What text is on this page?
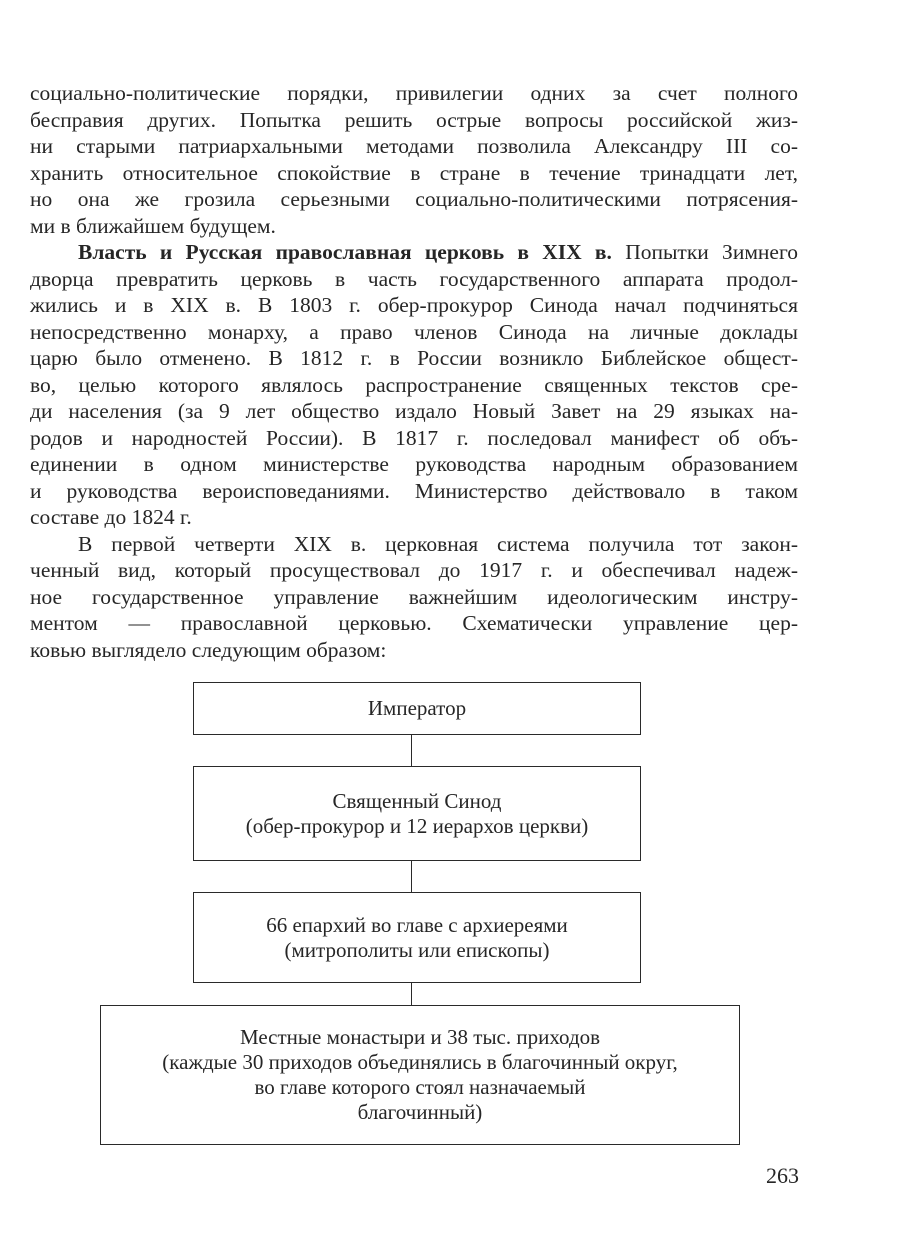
социально-политические порядки, привилегии одних за счет полного
бесправия других. Попытка решить острые вопросы российской жиз-
ни старыми патриархальными методами позволила Александру III со-
хранить относительное спокойствие в стране в течение тринадцати лет,
но она же грозила серьезными социально-политическими потрясения-
ми в ближайшем будущем.
Власть и Русская православная церковь в XIX в. Попытки Зимнего
дворца превратить церковь в часть государственного аппарата продол-
жились и в XIX в. В 1803 г. обер-прокурор Синода начал подчиняться
непосредственно монарху, а право членов Синода на личные доклады
царю было отменено. В 1812 г. в России возникло Библейское общест-
во, целью которого являлось распространение священных текстов сре-
ди населения (за 9 лет общество издало Новый Завет на 29 языках на-
родов и народностей России). В 1817 г. последовал манифест об объ-
единении в одном министерстве руководства народным образованием
и руководства вероисповеданиями. Министерство действовало в таком
составе до 1824 г.
В первой четверти XIX в. церковная система получила тот закон-
ченный вид, который просуществовал до 1917 г. и обеспечивал надеж-
ное государственное управление важнейшим идеологическим инстру-
ментом — православной церковью. Схематически управление цер-
ковью выглядело следующим образом:
Император
Священный Синод
(обер-прокурор и 12 иерархов церкви)
66 епархий во главе с архиереями
(митрополиты или епископы)
Местные монастыри и 38 тыс. приходов
(каждые 30 приходов объединялись в благочинный округ,
во главе которого стоял назначаемый
благочинный)
263
